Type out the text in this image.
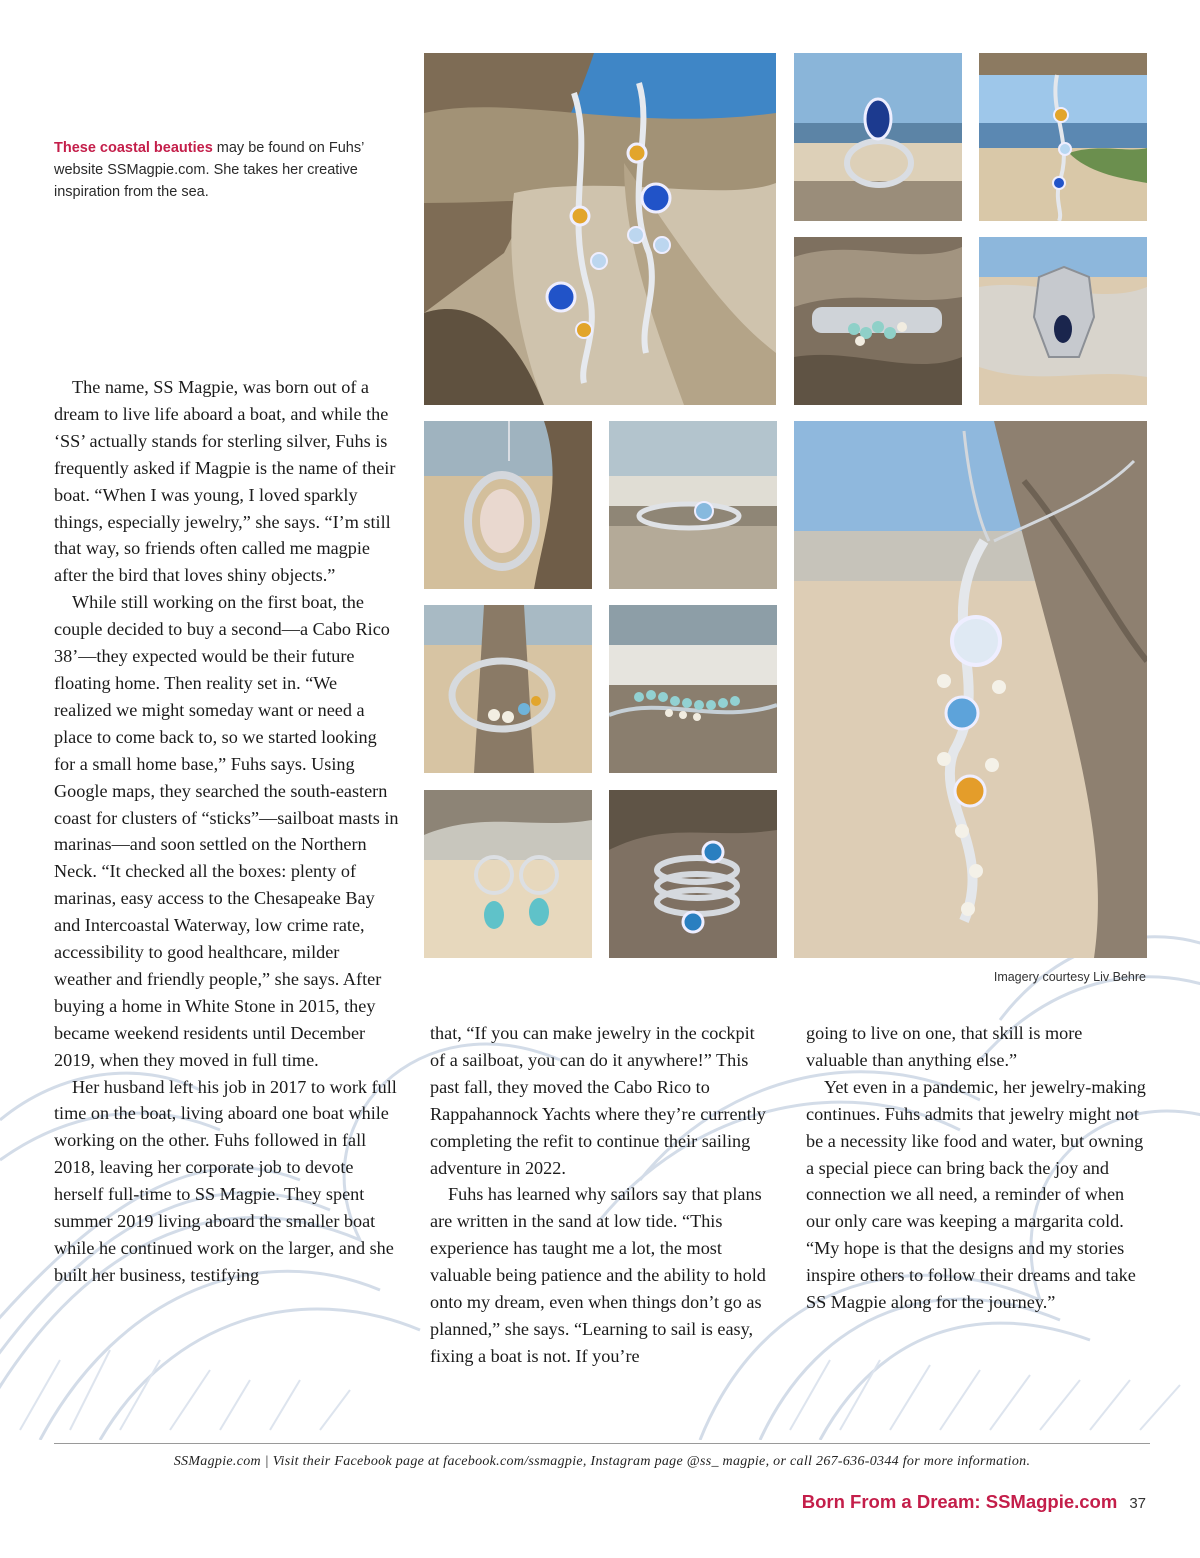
These coastal beauties may be found on Fuhs’ website SSMagpie.com. She takes her creative inspiration from the sea.
Imagery courtesy Liv Behre

The name, SS Magpie, was born out of a dream to live life aboard a boat, and while the ‘SS’ actually stands for sterling silver, Fuhs is frequently asked if Magpie is the name of their boat. “When I was young, I loved sparkly things, especially jewelry,” she says. “I’m still that way, so friends often called me magpie after the bird that loves shiny objects.”

While still working on the first boat, the couple decided to buy a second—a Cabo Rico 38’—they expected would be their future floating home. Then reality set in. “We realized we might someday want or need a place to come back to, so we started looking for a small home base,” Fuhs says. Using Google maps, they searched the south-eastern coast for clusters of “sticks”—sailboat masts in marinas—and soon settled on the Northern Neck. “It checked all the boxes: plenty of marinas, easy access to the Chesapeake Bay and Intercoastal Waterway, low crime rate, accessibility to good healthcare, milder weather and friendly people,” she says. After buying a home in White Stone in 2015, they became weekend residents until December 2019, when they moved in full time.

Her husband left his job in 2017 to work full time on the boat, living aboard one boat while working on the other. Fuhs followed in fall 2018, leaving her corporate job to devote herself full-time to SS Magpie. They spent summer 2019 living aboard the smaller boat while he continued work on the larger, and she built her business, testifying

that, “If you can make jewelry in the cockpit of a sailboat, you can do it anywhere!” This past fall, they moved the Cabo Rico to Rappahannock Yachts where they’re currently completing the refit to continue their sailing adventure in 2022.

Fuhs has learned why sailors say that plans are written in the sand at low tide. “This experience has taught me a lot, the most valuable being patience and the ability to hold onto my dream, even when things don’t go as planned,” she says. “Learning to sail is easy, fixing a boat is not. If you’re

going to live on one, that skill is more valuable than anything else.”

Yet even in a pandemic, her jewelry-making continues. Fuhs admits that jewelry might not be a necessity like food and water, but owning a special piece can bring back the joy and connection we all need, a reminder of when our only care was keeping a margarita cold. “My hope is that the designs and my stories inspire others to follow their dreams and take SS Magpie along for the journey.”

SSMagpie.com | Visit their Facebook page at facebook.com/ssmagpie, Instagram page @ss_ magpie, or call 267-636-0344 for more information.
Born From a Dream: SSMagpie.com 37
